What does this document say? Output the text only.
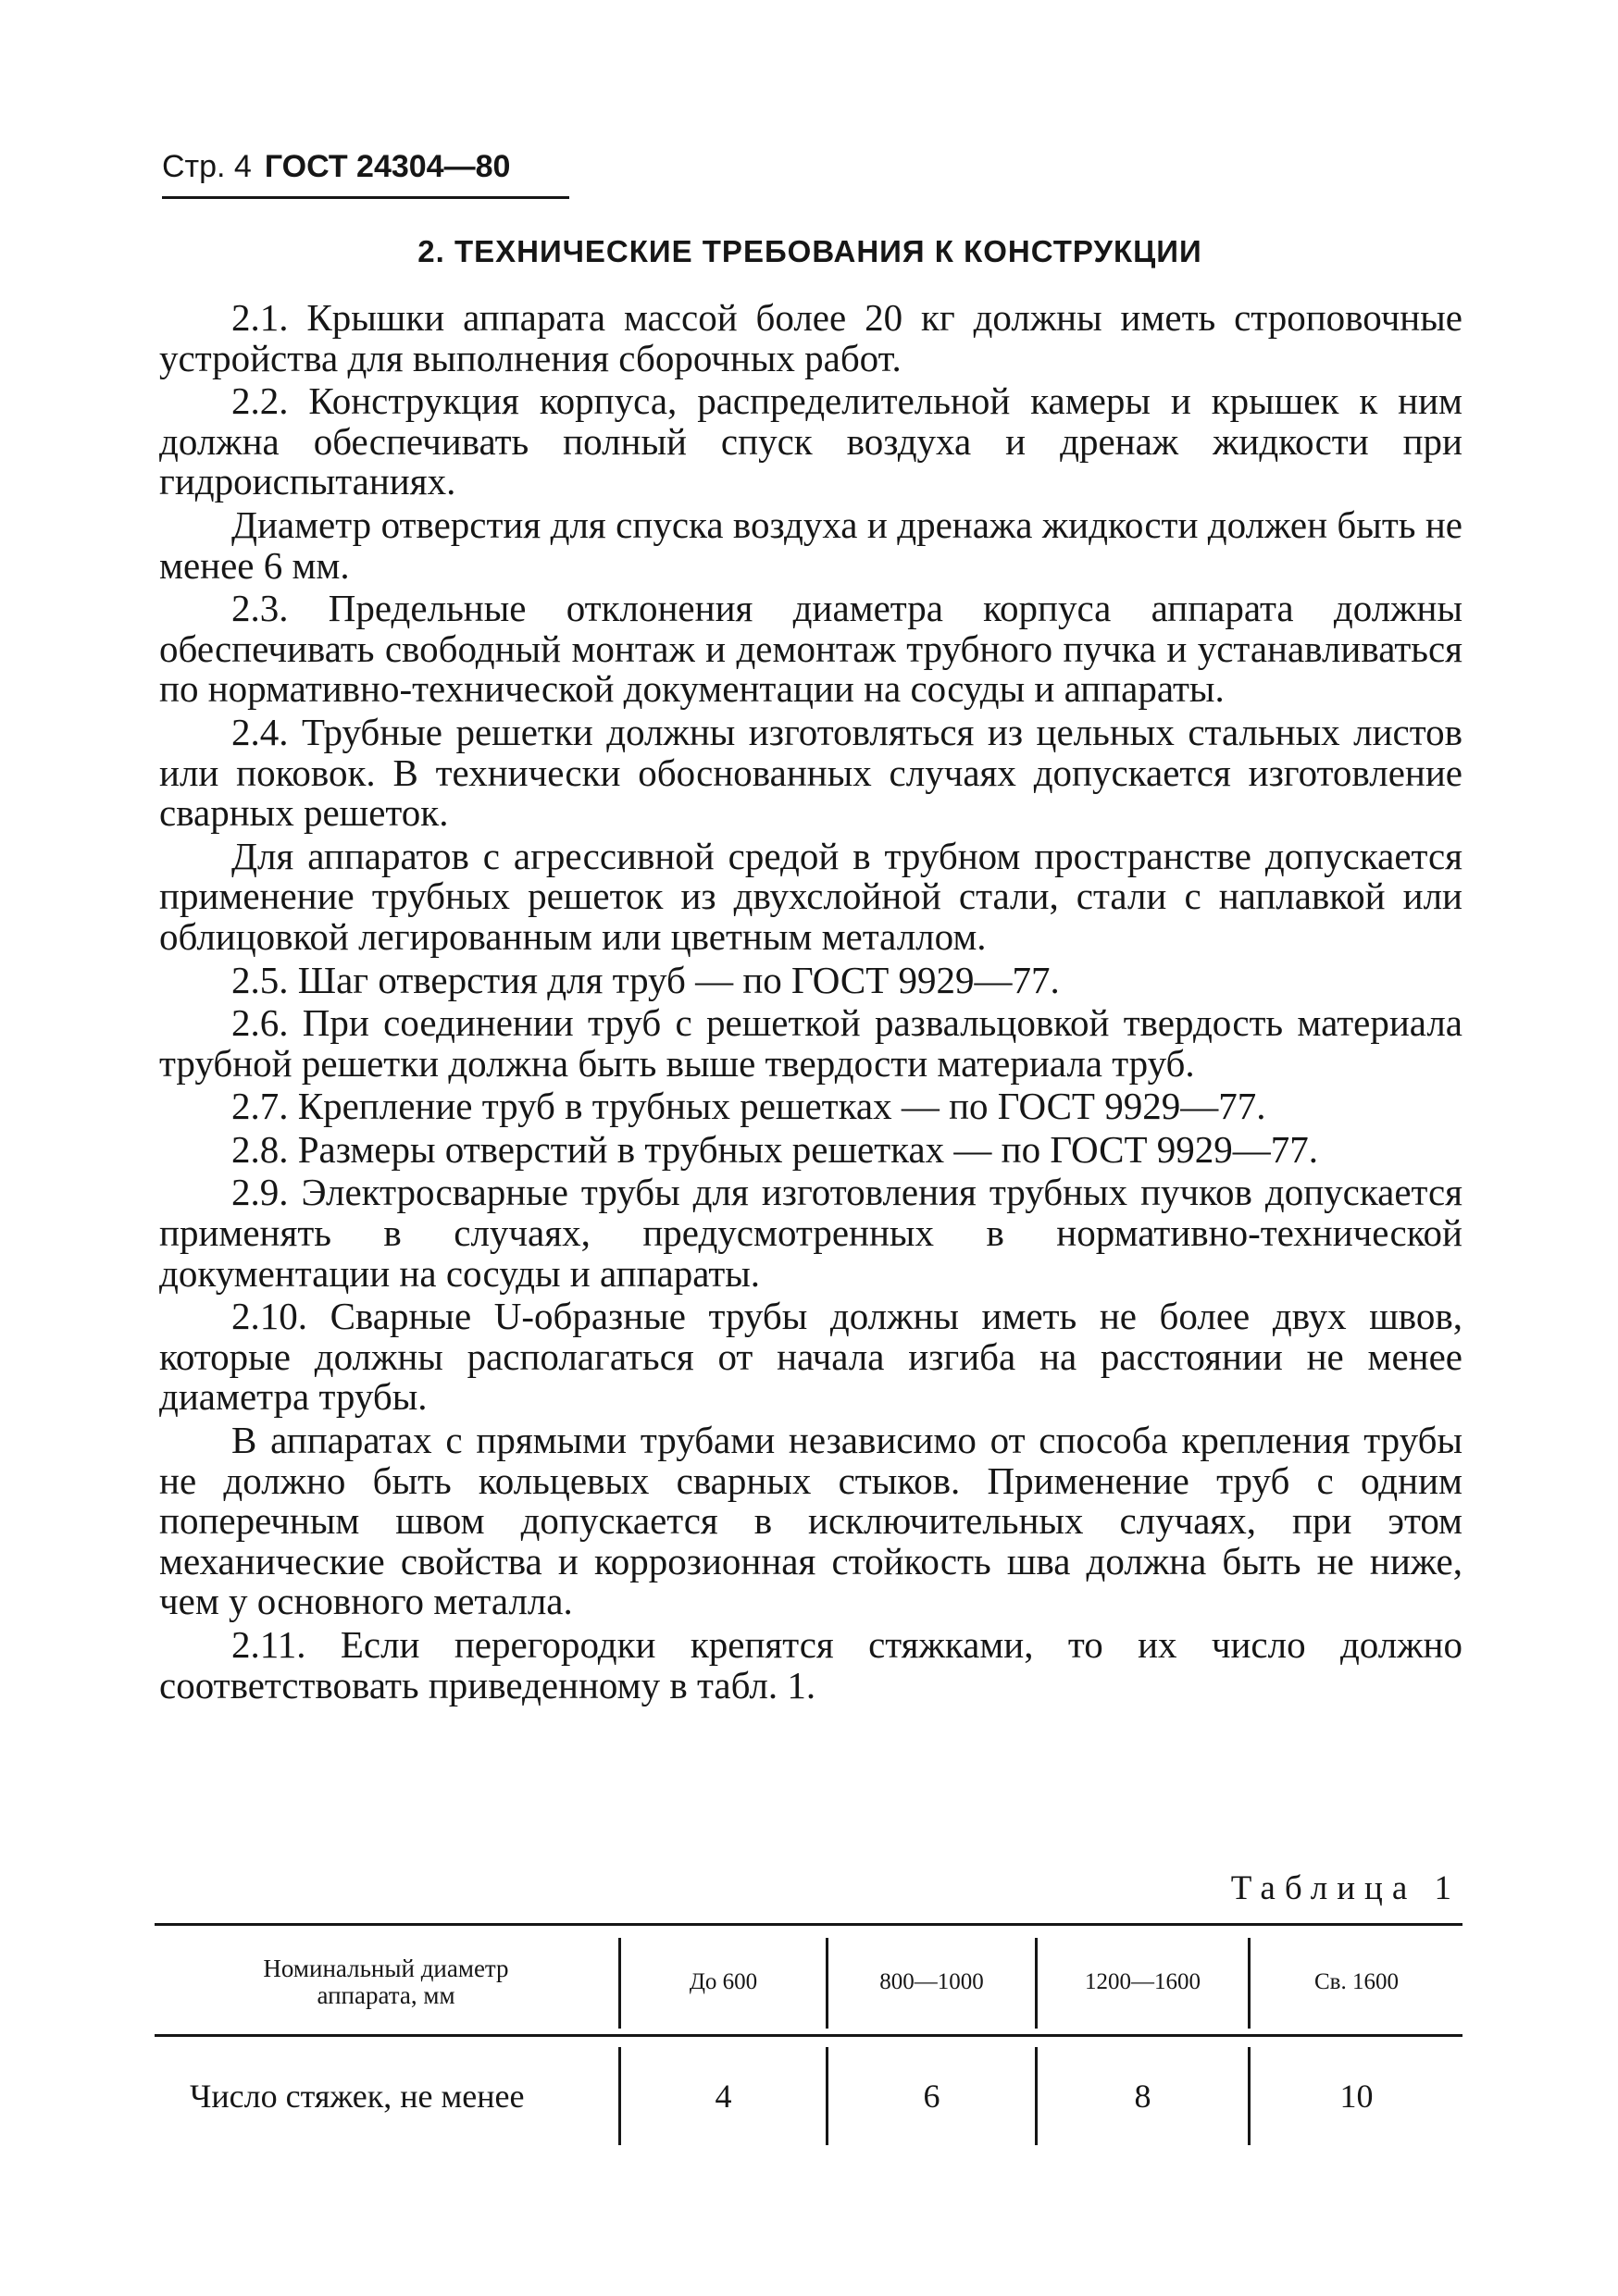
Стр. 4 ГОСТ 24304—80
2. ТЕХНИЧЕСКИЕ ТРЕБОВАНИЯ К КОНСТРУКЦИИ

2.1. Крышки аппарата массой более 20 кг должны иметь строповочные устройства для выполнения сборочных работ.

2.2. Конструкция корпуса, распределительной камеры и крышек к ним должна обеспечивать полный спуск воздуха и дренаж жидкости при гидроиспытаниях.

Диаметр отверстия для спуска воздуха и дренажа жидкости должен быть не менее 6 мм.

2.3. Предельные отклонения диаметра корпуса аппарата должны обеспечивать свободный монтаж и демонтаж трубного пучка и устанавливаться по нормативно-технической документации на сосуды и аппараты.

2.4. Трубные решетки должны изготовляться из цельных стальных листов или поковок. В технически обоснованных случаях допускается изготовление сварных решеток.

Для аппаратов с агрессивной средой в трубном пространстве допускается применение трубных решеток из двухслойной стали, стали с наплавкой или облицовкой легированным или цветным металлом.

2.5. Шаг отверстия для труб — по ГОСТ 9929—77.

2.6. При соединении труб с решеткой развальцовкой твердость материала трубной решетки должна быть выше твердости материала труб.

2.7. Крепление труб в трубных решетках — по ГОСТ 9929—77.

2.8. Размеры отверстий в трубных решетках — по ГОСТ 9929—77.

2.9. Электросварные трубы для изготовления трубных пучков допускается применять в случаях, предусмотренных в нормативно-технической документации на сосуды и аппараты.

2.10. Сварные U-образные трубы должны иметь не более двух швов, которые должны располагаться от начала изгиба на расстоянии не менее диаметра трубы.

В аппаратах с прямыми трубами независимо от способа крепления трубы не должно быть кольцевых сварных стыков. Применение труб с одним поперечным швом допускается в исключительных случаях, при этом механические свойства и коррозионная стойкость шва должна быть не ниже, чем у основного металла.

2.11. Если перегородки крепятся стяжками, то их число должно соответствовать приведенному в табл. 1.

Таблица 1
Номинальный диаметр аппарата, мм	До 600	800—1000	1200—1600	Св. 1600
Число стяжек, не менее	4	6	8	10
